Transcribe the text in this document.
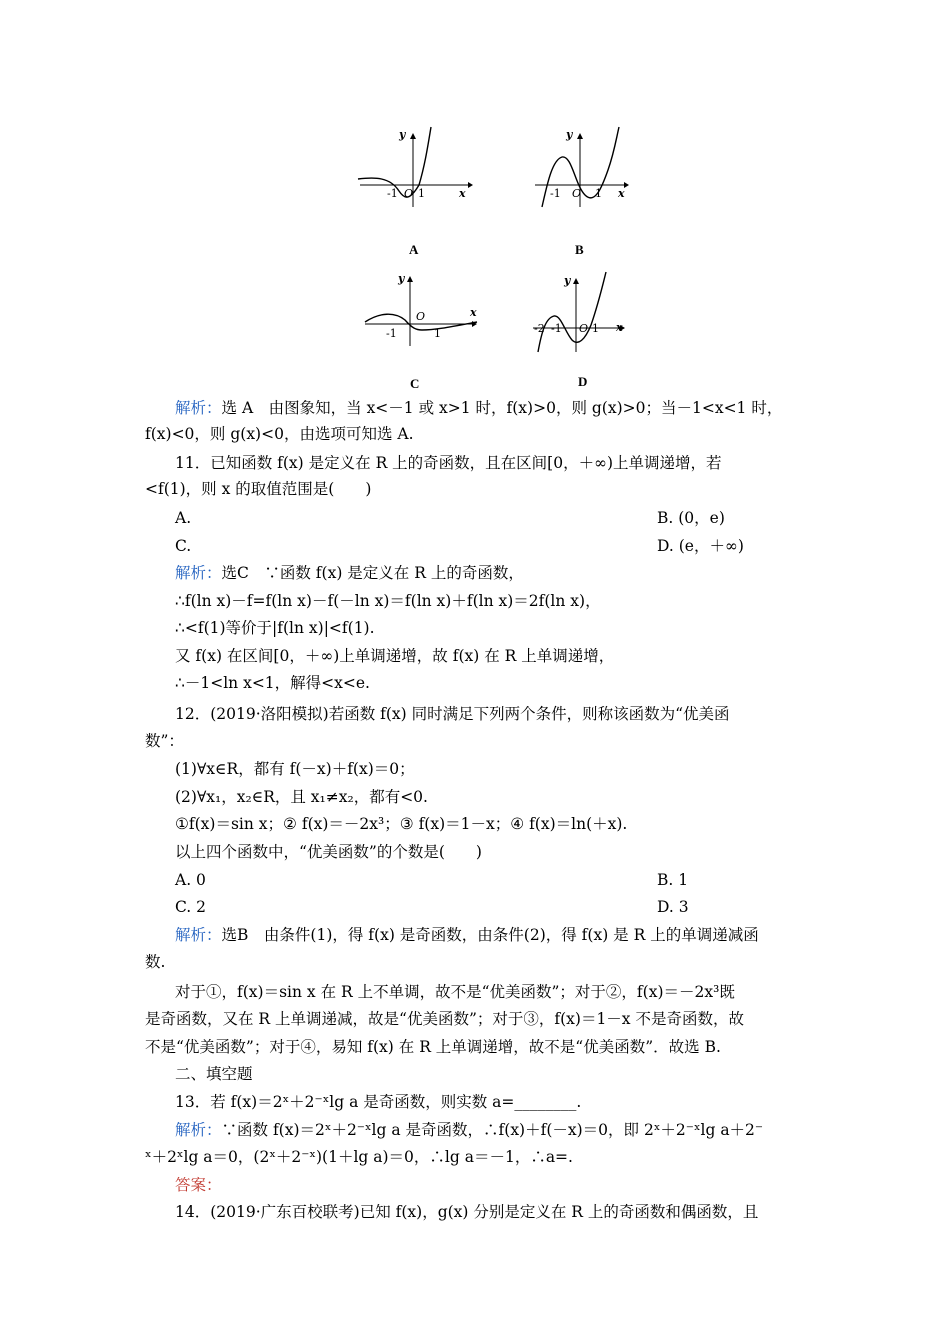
y
x
-1 O 1
A
y
x
-1 O 1
B
y
x
-1
O
1
C
y
x
-2 -1 O 1
D
解析：选 A　由图象知，当 x<－1 或 x>1 时，f(x)>0，则 g(x)>0；当－1<x<1 时，
f(x)<0，则 g(x)<0，由选项可知选 A.
11．已知函数 f(x) 是定义在 R 上的奇函数，且在区间[0，＋∞)上单调递增，若
<f(1)，则 x 的取值范围是(　　)
A.	B. (0，e)
C.	D. (e，＋∞)
解析：选C　∵函数 f(x) 是定义在 R 上的奇函数，
∴f(ln x)－f=f(ln x)－f(－ln x)＝f(ln x)＋f(ln x)＝2f(ln x)，
∴<f(1)等价于|f(ln x)|<f(1).
又 f(x) 在区间[0，＋∞)上单调递增，故 f(x) 在 R 上单调递增，
∴－1<ln x<1，解得<x<e.
12．(2019·洛阳模拟)若函数 f(x) 同时满足下列两个条件，则称该函数为“优美函
数”：
(1)∀x∈R，都有 f(－x)＋f(x)＝0；
(2)∀x₁，x₂∈R，且 x₁≠x₂，都有<0.
①f(x)＝sin x；② f(x)＝－2x³；③ f(x)＝1－x；④ f(x)＝ln(＋x).
以上四个函数中，“优美函数”的个数是(　　)
A. 0	B. 1
C. 2	D. 3
解析：选B　由条件(1)，得 f(x) 是奇函数，由条件(2)，得 f(x) 是 R 上的单调递减函
数.
对于①，f(x)＝sin x 在 R 上不单调，故不是“优美函数”；对于②，f(x)＝－2x³既
是奇函数，又在 R 上单调递减，故是“优美函数”；对于③，f(x)＝1－x 不是奇函数，故
不是“优美函数”；对于④，易知 f(x) 在 R 上单调递增，故不是“优美函数”．故选 B.
二、填空题
13．若 f(x)＝2ˣ＋2⁻ˣlg a 是奇函数，则实数 a=________.
解析：∵函数 f(x)＝2ˣ＋2⁻ˣlg a 是奇函数，∴f(x)＋f(－x)＝0，即 2ˣ＋2⁻ˣlg a＋2⁻
ˣ＋2ˣlg a＝0，(2ˣ＋2⁻ˣ)(1＋lg a)＝0，∴lg a＝－1，∴a=.
答案：
14．(2019·广东百校联考)已知 f(x)，g(x) 分别是定义在 R 上的奇函数和偶函数，且
